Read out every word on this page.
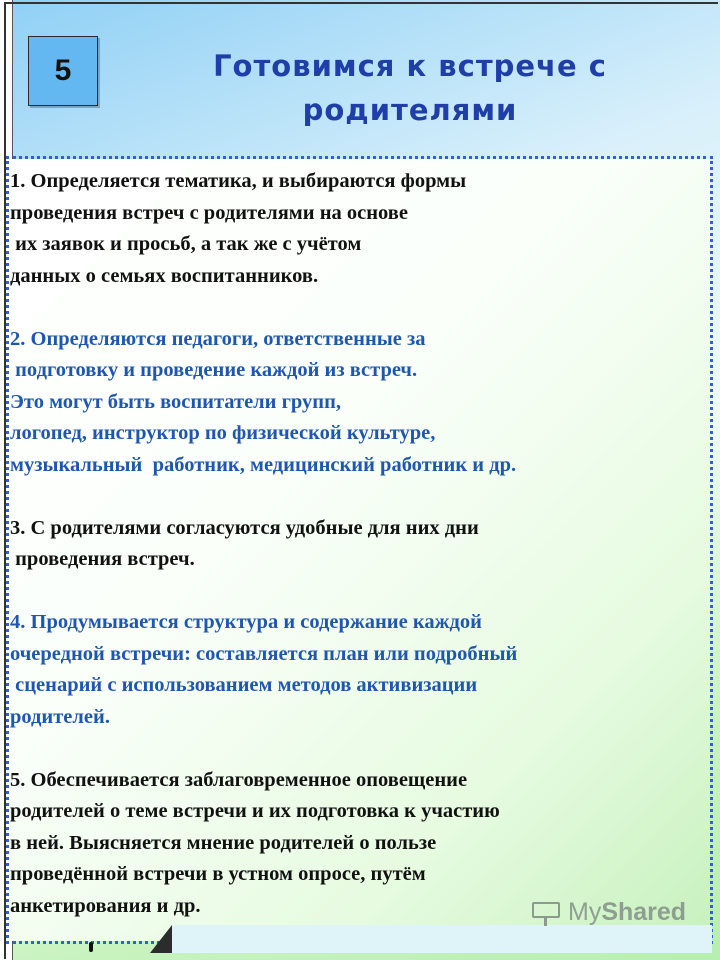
5	Готовимся к встрече с
родителями
1. Определяется тематика, и выбираются формы
проведения встреч с родителями на основе
их заявок и просьб, а так же с учётом
данных о семьях воспитанников.
2. Определяются педагоги, ответственные за
подготовку и проведение каждой из встреч.
Это могут быть воспитатели групп,
логопед, инструктор по физической культуре,
музыкальный  работник, медицинский работник и др.
3. С родителями согласуются удобные для них дни
проведения встреч.
4. Продумывается структура и содержание каждой
очередной встречи: составляется план или подробный
сценарий с использованием методов активизации
родителей.
5. Обеспечивается заблаговременное оповещение
родителей о теме встречи и их подготовка к участию
в ней. Выясняется мнение родителей о пользе
проведённой встречи в устном опросе, путём
анкетирования и др.	MyShared
